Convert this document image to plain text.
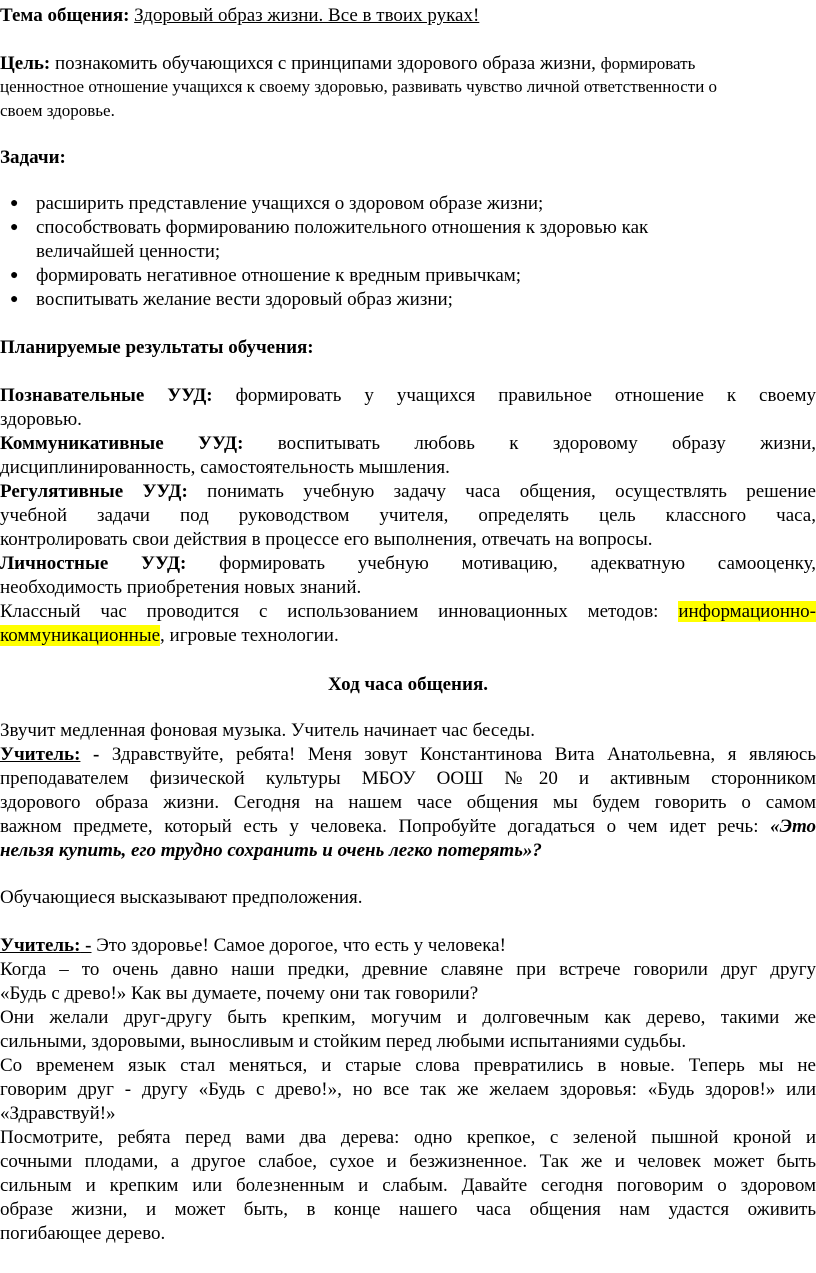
Тема общения: Здоровый образ жизни. Все в твоих руках!
Цель: познакомить обучающихся с принципами здорового образа жизни, формировать
ценностное отношение учащихся к своему здоровью, развивать чувство личной ответственности о
своем здоровье.
Задачи:
● расширить представление учащихся о здоровом образе жизни;
● способствовать формированию положительного отношения к здоровью как
величайшей ценности;
● формировать негативное отношение к вредным привычкам;
● воспитывать желание вести здоровый образ жизни;
Планируемые результаты обучения:
Познавательные УУД: формировать у учащихся правильное отношение к своему
здоровью.
Коммуникативные УУД: воспитывать любовь к здоровому образу жизни,
дисциплинированность, самостоятельность мышления.
Регулятивные УУД: понимать учебную задачу часа общения, осуществлять решение
учебной задачи под руководством учителя, определять цель классного часа,
контролировать свои действия в процессе его выполнения, отвечать на вопросы.
Личностные УУД: формировать учебную мотивацию, адекватную самооценку,
необходимость приобретения новых знаний.
Классный час проводится с использованием инновационных методов: информационно-
коммуникационные, игровые технологии.
Ход часа общения.
Звучит медленная фоновая музыка. Учитель начинает час беседы.
Учитель: - Здравствуйте, ребята! Меня зовут Константинова Вита Анатольевна, я являюсь
преподавателем физической культуры МБОУ ООШ №20 и активным сторонником
здорового образа жизни. Сегодня на нашем часе общения мы будем говорить о самом
важном предмете, который есть у человека. Попробуйте догадаться о чем идет речь: «Это
нельзя купить, его трудно сохранить и очень легко потерять»?
Обучающиеся высказывают предположения.
Учитель: - Это здоровье! Самое дорогое, что есть у человека!
Когда – то очень давно наши предки, древние славяне при встрече говорили друг другу
«Будь с древо!» Как вы думаете, почему они так говорили?
Они желали друг-другу быть крепким, могучим и долговечным как дерево, такими же
сильными, здоровыми, выносливым и стойким перед любыми испытаниями судьбы.
Со временем язык стал меняться, и старые слова превратились в новые. Теперь мы не
говорим друг - другу «Будь с древо!», но все так же желаем здоровья: «Будь здоров!» или
«Здравствуй!»
Посмотрите, ребята перед вами два дерева: одно крепкое, с зеленой пышной кроной и
сочными плодами, а другое слабое, сухое и безжизненное. Так же и человек может быть
сильным и крепким или болезненным и слабым. Давайте сегодня поговорим о здоровом
образе жизни, и может быть, в конце нашего часа общения нам удастся оживить
погибающее дерево.
